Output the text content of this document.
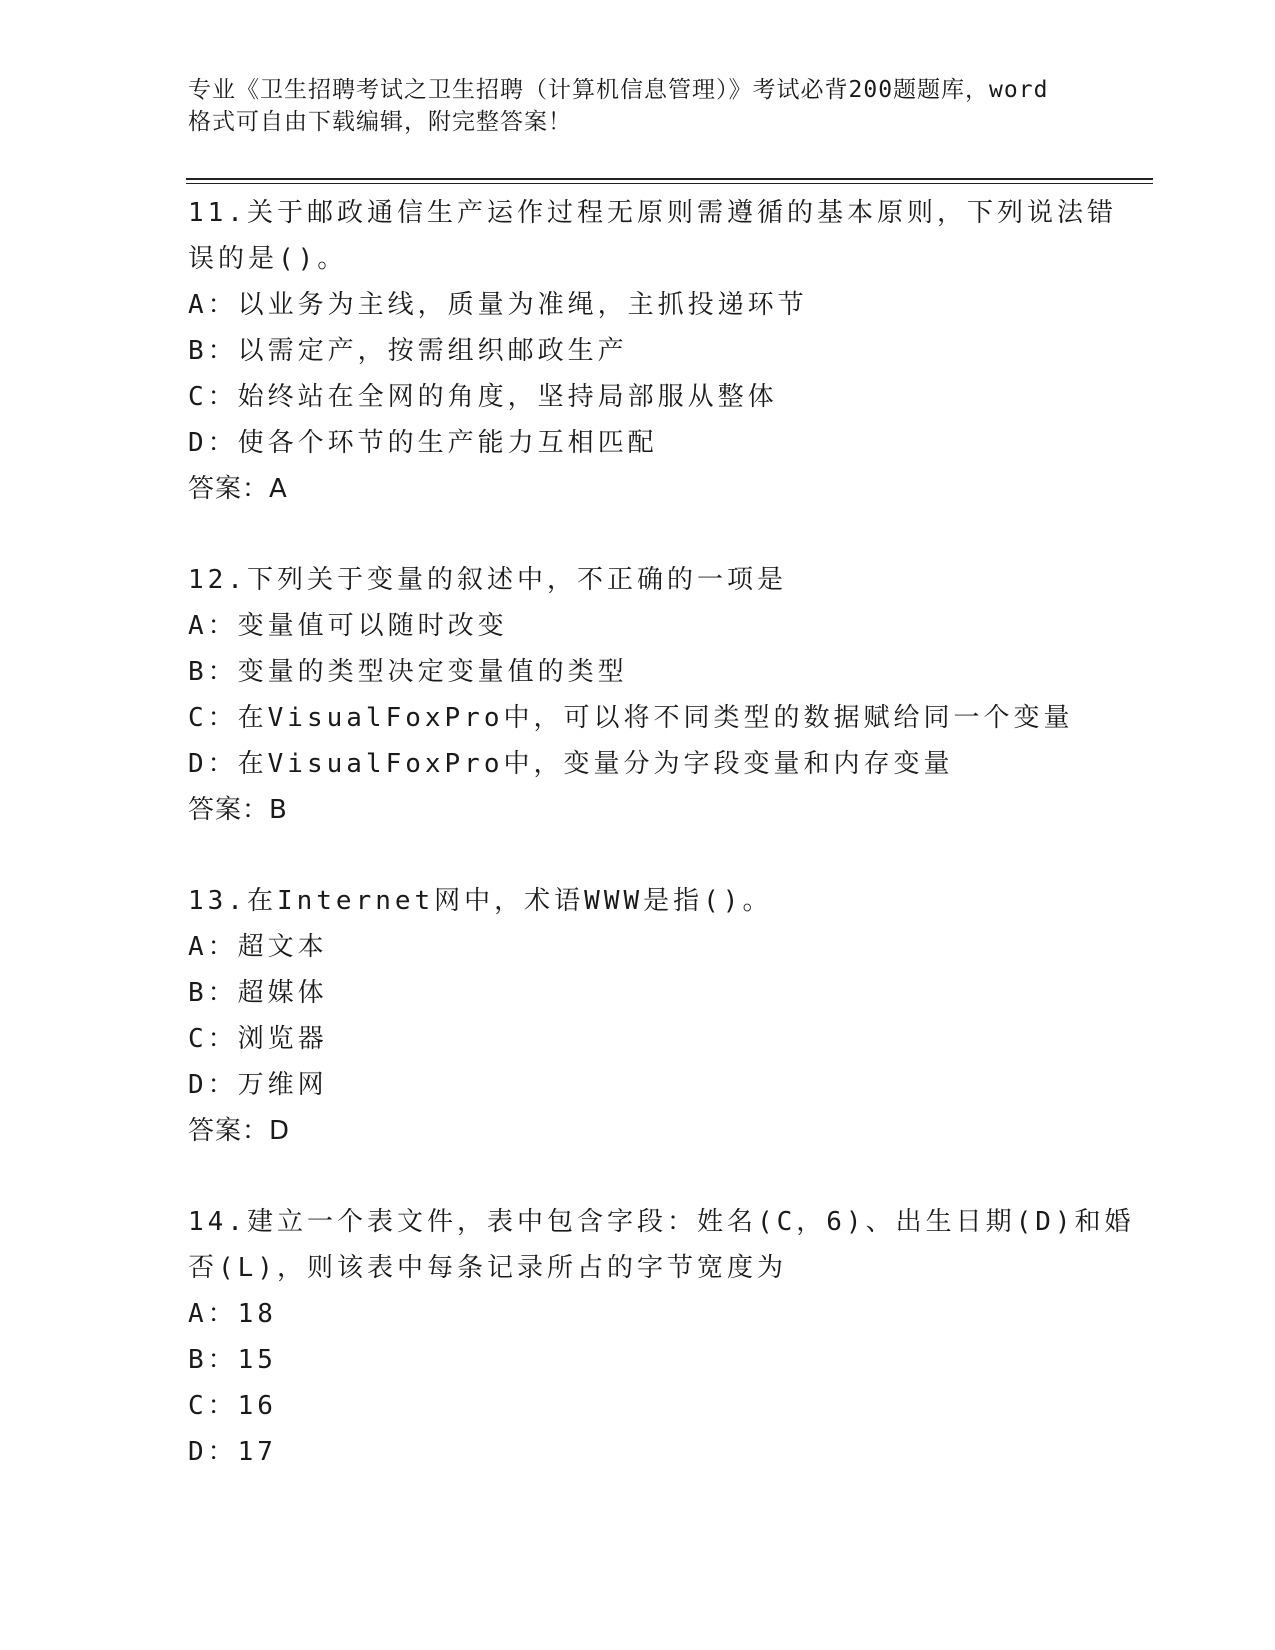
专业《卫生招聘考试之卫生招聘（计算机信息管理）》考试必背200题题库，word
格式可自由下载编辑，附完整答案！
11.关于邮政通信生产运作过程无原则需遵循的基本原则，下列说法错
误的是()。
A：以业务为主线，质量为准绳，主抓投递环节
B：以需定产，按需组织邮政生产
C：始终站在全网的角度，坚持局部服从整体
D：使各个环节的生产能力互相匹配
答案：A
12.下列关于变量的叙述中，不正确的一项是
A：变量值可以随时改变
B：变量的类型决定变量值的类型
C：在VisualFoxPro中，可以将不同类型的数据赋给同一个变量
D：在VisualFoxPro中，变量分为字段变量和内存变量
答案：B
13.在Internet网中，术语WWW是指()。
A：超文本
B：超媒体
C：浏览器
D：万维网
答案：D
14.建立一个表文件，表中包含字段：姓名(C，6)、出生日期(D)和婚
否(L)，则该表中每条记录所占的字节宽度为
A：18
B：15
C：16
D：17
